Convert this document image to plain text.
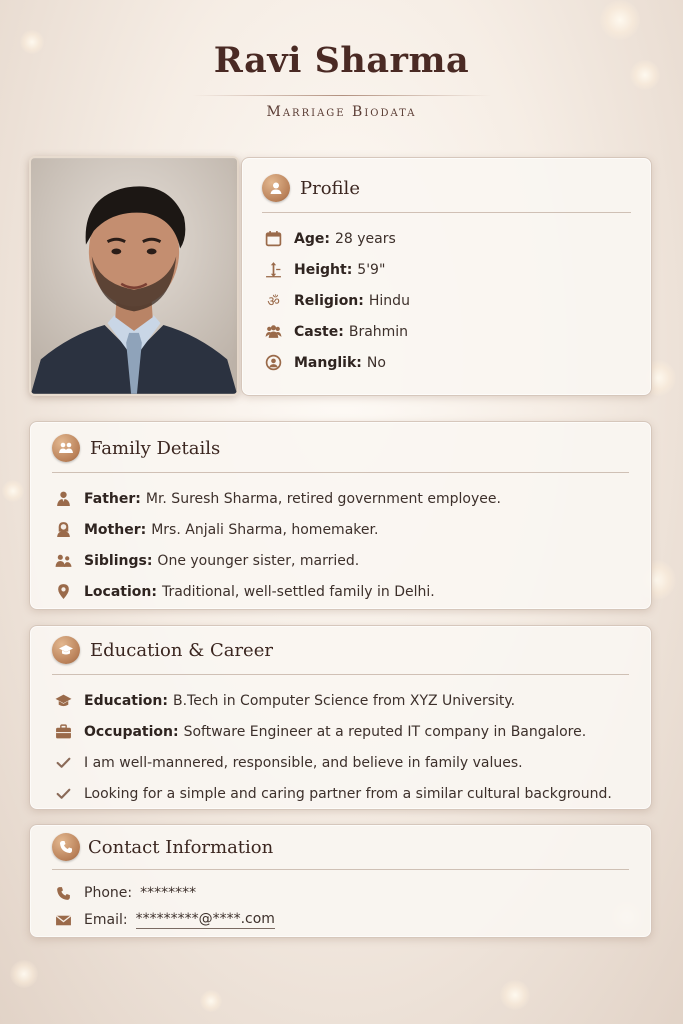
Ravi Sharma
Marriage Biodata
Profile
Age: 28 years
Height: 5'9"
ॐ Religion: Hindu
Caste: Brahmin
Manglik: No
Family Details
Father: Mr. Suresh Sharma, retired government employee.
Mother: Mrs. Anjali Sharma, homemaker.
Siblings: One younger sister, married.
Location: Traditional, well-settled family in Delhi.
Education & Career
Education: B.Tech in Computer Science from XYZ University.
Occupation: Software Engineer at a reputed IT company in Bangalore.
I am well-mannered, responsible, and believe in family values.
Looking for a simple and caring partner from a similar cultural background.
Contact Information
Phone: ********
Email: *********@****.com
